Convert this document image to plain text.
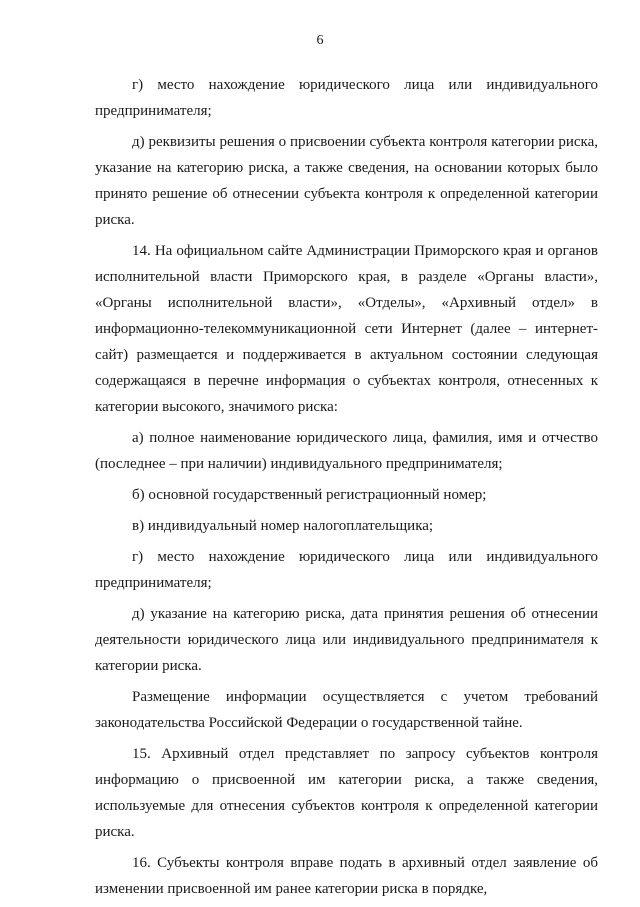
6

г) место нахождение юридического лица или индивидуального предпринимателя;

д) реквизиты решения о присвоении субъекта контроля категории риска, указание на категорию риска, а также сведения, на основании которых было принято решение об отнесении субъекта контроля к определенной категории риска.

14. На официальном сайте Администрации Приморского края и органов исполнительной власти Приморского края, в разделе «Органы власти», «Органы исполнительной власти», «Отделы», «Архивный отдел» в информационно-телекоммуникационной сети Интернет (далее – интернет-сайт) размещается и поддерживается в актуальном состоянии следующая содержащаяся в перечне информация о субъектах контроля, отнесенных к категории высокого, значимого риска:

а) полное наименование юридического лица, фамилия, имя и отчество (последнее – при наличии) индивидуального предпринимателя;

б) основной государственный регистрационный номер;

в) индивидуальный номер налогоплательщика;

г) место нахождение юридического лица или индивидуального предпринимателя;

д) указание на категорию риска, дата принятия решения об отнесении деятельности юридического лица или индивидуального предпринимателя к категории риска.

Размещение информации осуществляется с учетом требований законодательства Российской Федерации о государственной тайне.

15. Архивный отдел представляет по запросу субъектов контроля информацию о присвоенной им категории риска, а также сведения, используемые для отнесения субъектов контроля к определенной категории риска.

16. Субъекты контроля вправе подать в архивный отдел заявление об изменении присвоенной им ранее категории риска в порядке,
